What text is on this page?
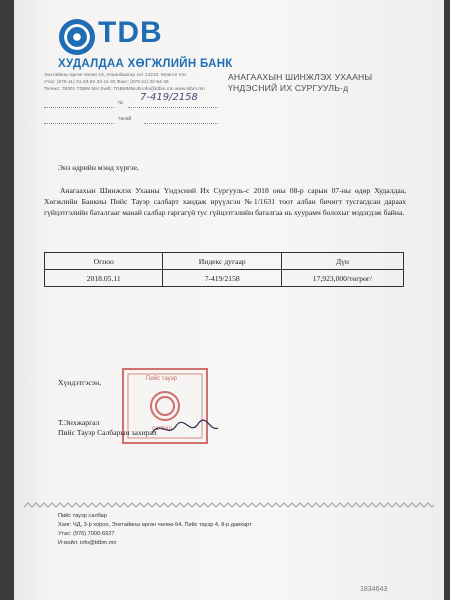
TDB
ХУДАЛДАА ХӨГЖЛИЙН БАНК
Энхтайвны өргөн чөлөө 19, Улаанбаатар хот 14210, Монгол Улс
Утас: (976-11) 31-23-62 33-11-33 Факс: (976-11) 32-54-49
Телекс: 79301 TDBM MH Swift: TDBMMNUB info@tdbm.mn www.tdbm.mn
№ 7-419/2158
танай
АНАГААХЫН ШИНЖЛЭХ УХААНЫ
ҮНДЭСНИЙ ИХ СУРГУУЛЬ-д
Энэ өдрийн мэнд хүргэе,
Анагаахын Шинжлэх Ухааны Үндэсний Их Сургууль-с 2018 оны 08-р сарын 07-ны өдөр Худалдаа, Хөгжлийн Банкны Пийс Тауэр салбарт хандаж ирүүлсэн №1/1631 тоот албан бичигт тусгагдсан дараах гүйцэтгэлийн баталгааг манай салбар гаргагүй тус гүйцэтгэлийн баталгаа нь хуурамч болохыг мэдэгдэж байна.
Огноо	Индекс дугаар	Дүн
2018.05.11	7-419/2158	17,923,000/төгрөг/
Хүндэтгэсэн,	Пийс тауэр
салбар
Т.Энхжаргал
Пийс Тауэр Салбарын захирал
Пийс тауэр салбар
Хаяг: ЧД, 3-р хороо, Энхтайвны өргөн чөлөө-54, Пийс тауэр 4, 8-р давхарт
Утас: (976) 7000-6927
И-мэйл: info@tdbm.mn
1834643
